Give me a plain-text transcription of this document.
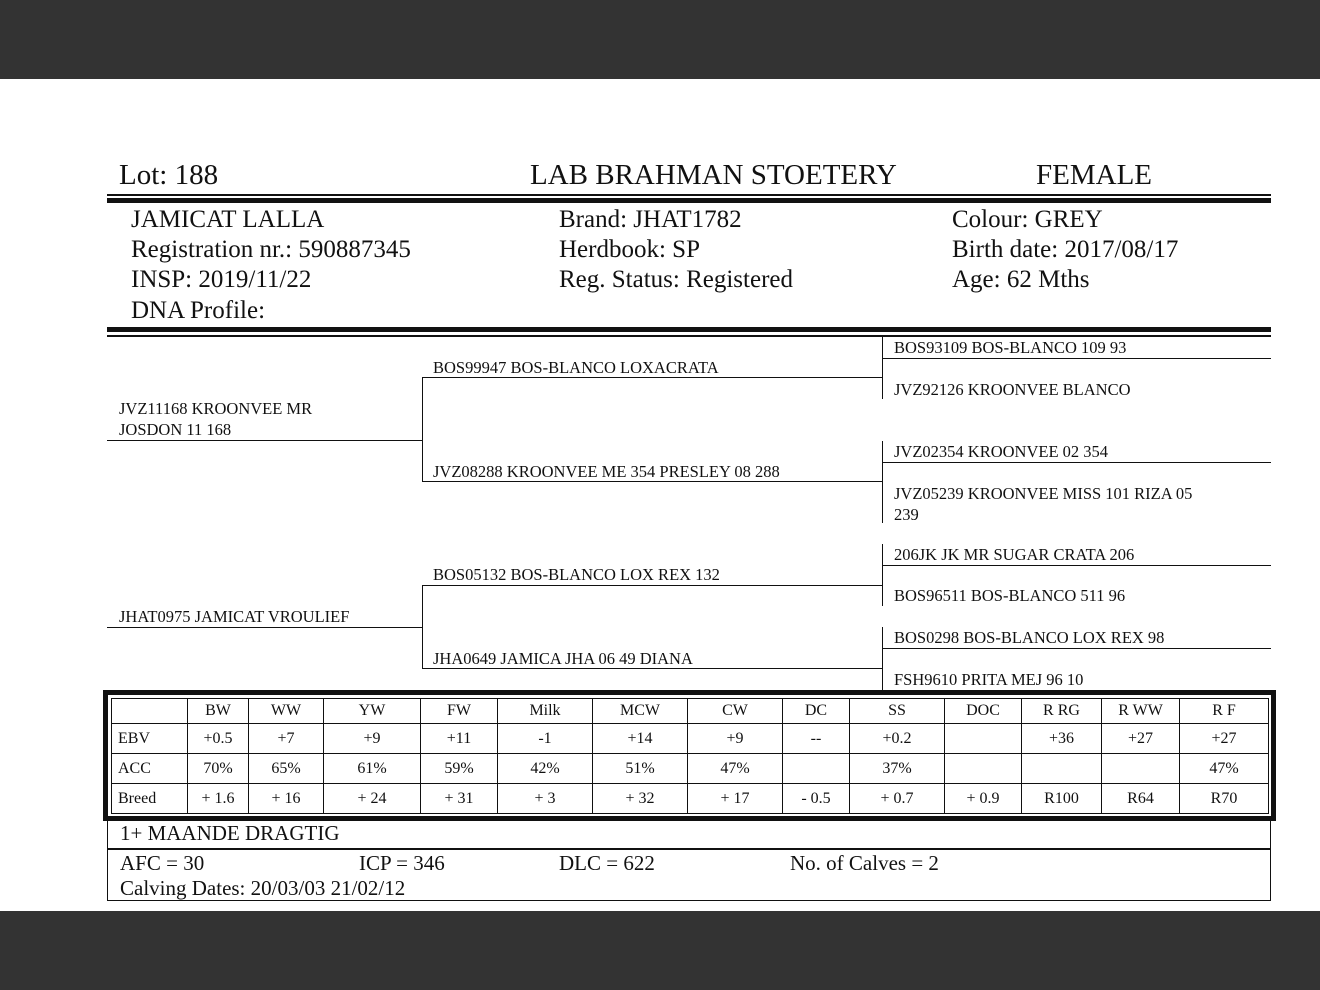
Lot: 188	LAB BRAHMAN STOETERY	FEMALE
JAMICAT LALLA
Registration nr.: 590887345
INSP: 2019/11/22
DNA Profile:
Brand: JHAT1782
Herdbook: SP
Reg. Status: Registered
Colour: GREY
Birth date: 2017/08/17
Age: 62 Mths
JVZ11168 KROONVEE MR
JOSDON 11 168
JHAT0975 JAMICAT VROULIEF
BOS99947 BOS-BLANCO LOXACRATA
JVZ08288 KROONVEE ME 354 PRESLEY 08 288
BOS05132 BOS-BLANCO LOX REX 132
JHA0649 JAMICA JHA 06 49 DIANA
BOS93109 BOS-BLANCO 109 93
JVZ92126 KROONVEE BLANCO
JVZ02354 KROONVEE 02 354
JVZ05239 KROONVEE MISS 101 RIZA 05
239
206JK JK MR SUGAR CRATA 206
BOS96511 BOS-BLANCO 511 96
BOS0298 BOS-BLANCO LOX REX 98
FSH9610 PRITA MEJ 96 10
	BW	WW	YW	FW	Milk	MCW	CW	DC	SS	DOC	R RG	R WW	R F
EBV	+0.5	+7	+9	+11	-1	+14	+9	--	+0.2		+36	+27	+27
ACC	70%	65%	61%	59%	42%	51%	47%		37%				47%
Breed	+ 1.6	+ 16	+ 24	+ 31	+ 3	+ 32	+ 17	- 0.5	+ 0.7	+ 0.9	R100	R64	R70
1+ MAANDE DRAGTIG
AFC = 30	ICP = 346	DLC = 622	No. of Calves = 2
Calving Dates: 20/03/03 21/02/12
